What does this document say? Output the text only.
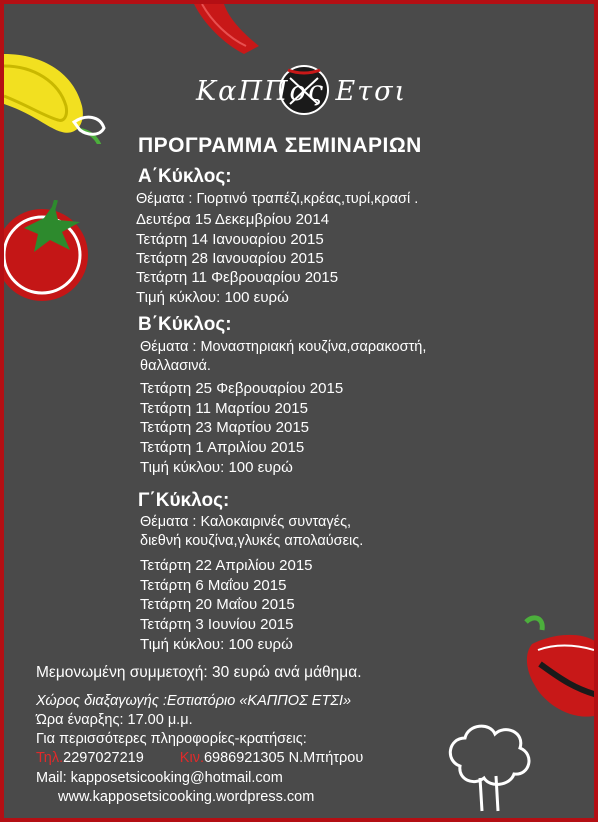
ΚαΠΠος Ετσι
ΠΡΟΓΡΑΜΜΑ ΣΕΜΙΝΑΡΙΩΝ
Α΄Κύκλος:
Θέματα : Γιορτινό τραπέζι,κρέας,τυρί,κρασί .
Δευτέρα 15 Δεκεμβρίου 2014
Τετάρτη 14 Ιανουαρίου 2015
Τετάρτη 28 Ιανουαρίου 2015
Τετάρτη 11 Φεβρουαρίου 2015
Τιμή κύκλου: 100 ευρώ
Β΄Κύκλος:
Θέματα : Μοναστηριακή κουζίνα,σαρακοστή,
θαλλασινά.
Τετάρτη 25 Φεβρουαρίου 2015
Τετάρτη 11 Μαρτίου 2015
Τετάρτη 23 Μαρτίου 2015
Τετάρτη 1 Απριλίου 2015
Τιμή κύκλου: 100 ευρώ
Γ΄Κύκλος:
Θέματα : Καλοκαιρινές συνταγές,
διεθνή κουζίνα,γλυκές απολαύσεις.
Τετάρτη 22 Απριλίου 2015
Τετάρτη 6 Μαΐου 2015
Τετάρτη 20 Μαΐου 2015
Τετάρτη 3 Ιουνίου 2015
Τιμή κύκλου: 100 ευρώ
Μεμονωμένη συμμετοχή: 30 ευρώ ανά μάθημα.
Χώρος διαξαγωγής :Εστιατόριο «ΚΑΠΠΟΣ ΕΤΣΙ»
Ώρα έναρξης: 17.00 μ.μ.
Για περισσότερες πληροφορίες-κρατήσεις:
Τηλ.2297027219 Κιν.6986921305 Ν.Μπήτρου
Mail: kapposetsicooking@hotmail.com
www.kapposetsicooking.wordpress.com
